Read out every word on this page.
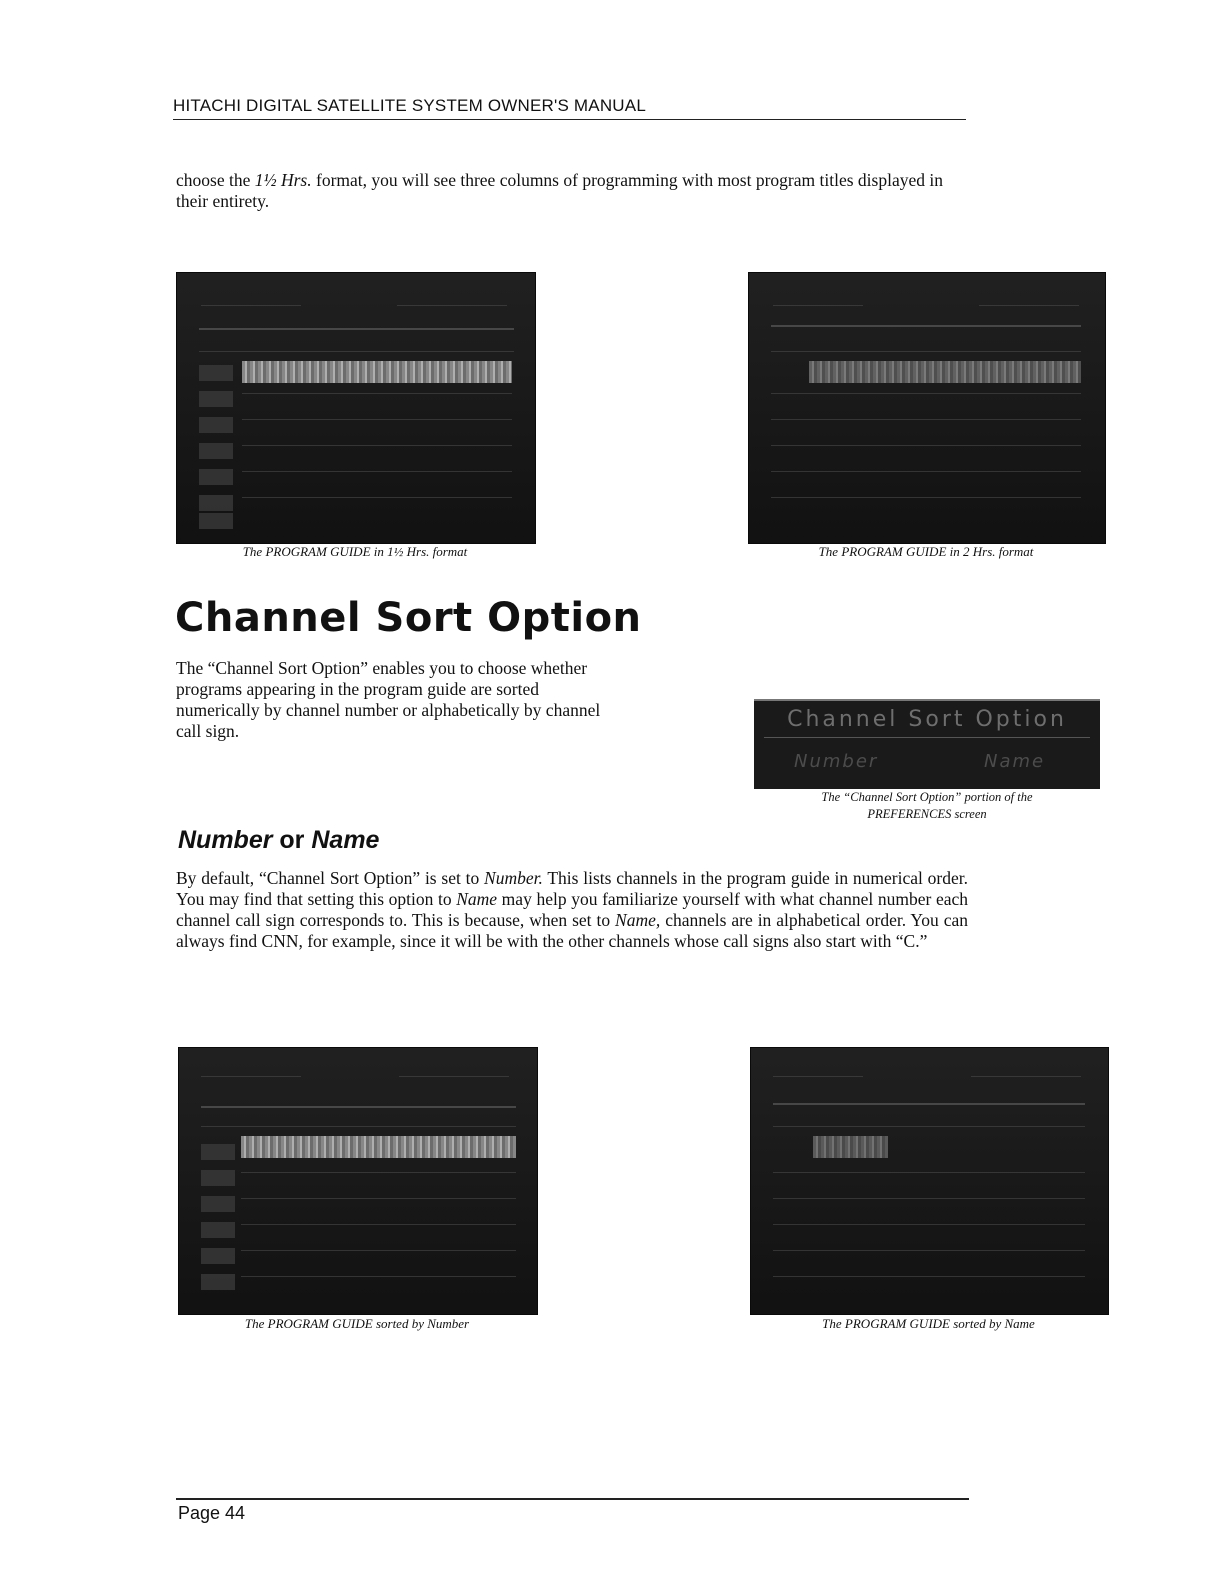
HITACHI DIGITAL SATELLITE SYSTEM OWNER'S MANUAL

choose the 1½ Hrs. format, you will see three columns of programming with most program titles displayed in their entirety.

The PROGRAM GUIDE in 1½ Hrs. format	The PROGRAM GUIDE in 2 Hrs. format

Channel Sort Option

The “Channel Sort Option” enables you to choose whether programs appearing in the program guide are sorted numerically by channel number or alphabetically by channel call sign.	Channel Sort Option
Number	Name

The “Channel Sort Option” portion of the
PREFERENCES screen

Number or Name

By default, “Channel Sort Option” is set to Number. This lists channels in the program guide in numerical order. You may find that setting this option to Name may help you familiarize yourself with what channel number each channel call sign corresponds to. This is because, when set to Name, channels are in alphabetical order. You can always find CNN, for example, since it will be with the other channels whose call signs also start with “C.”

The PROGRAM GUIDE sorted by Number	The PROGRAM GUIDE sorted by Name

Page 44
